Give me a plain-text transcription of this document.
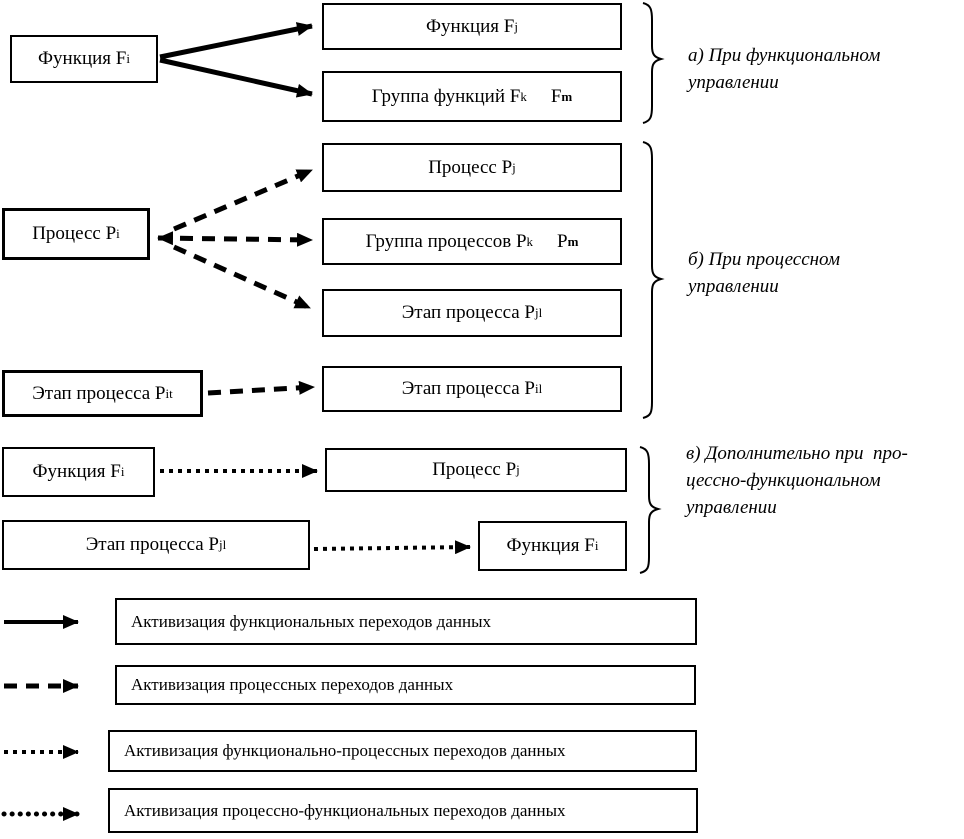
Функция F i
Функция F j
Группа функций F k F m
Процесс P i
Процесс P j
Группа процессов P k P m
Этап процесса P jl
Этап процесса P it	Этап процесса P il
Функция F i	Процесс P j
Этап процесса P jl	Функция F i
а) При функциональном
управлении
б) При процессном
управлении
в) Дополнительно при  про-
цессно-функциональном
управлении
Активизация функциональных переходов данных
Активизация процессных переходов данных
Активизация функционально-процессных переходов данных
Активизация процессно-функциональных переходов данных
